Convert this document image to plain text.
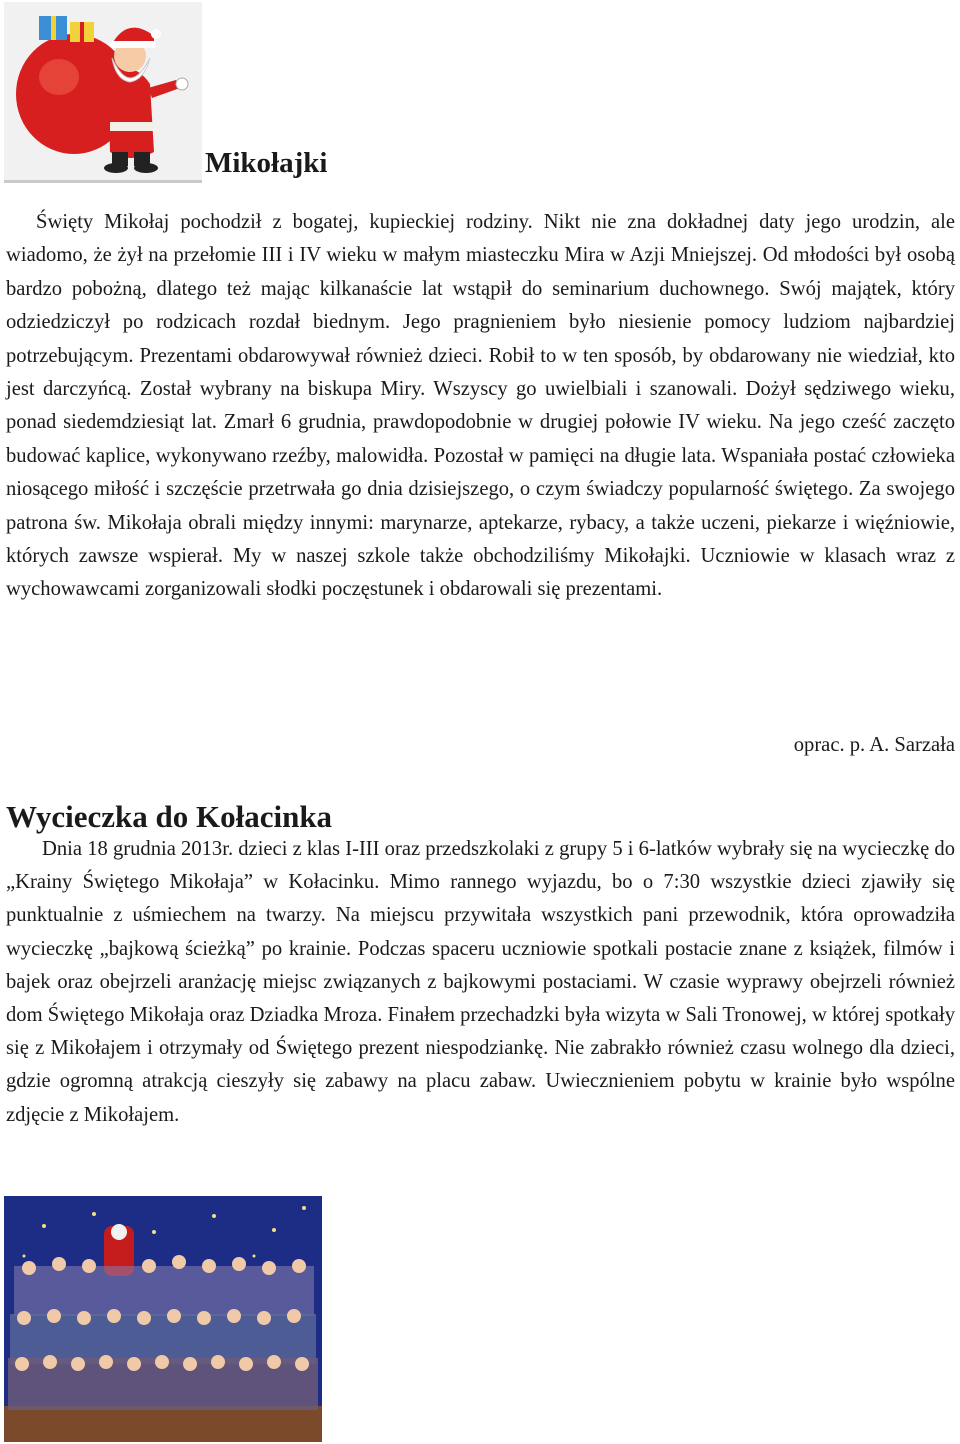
Mikołajki

Święty Mikołaj pochodził z bogatej, kupieckiej rodziny. Nikt nie zna dokładnej daty jego urodzin, ale wiadomo, że żył na przełomie III i IV wieku w małym miasteczku Mira w Azji Mniejszej. Od młodości był osobą bardzo pobożną, dlatego też mając kilkanaście lat wstąpił do seminarium duchownego. Swój majątek, który odziedziczył po rodzicach rozdał biednym. Jego pragnieniem było niesienie pomocy ludziom najbardziej potrzebującym. Prezentami obdarowywał również dzieci. Robił to w ten sposób, by obdarowany nie wiedział, kto jest darczyńcą. Został wybrany na biskupa Miry. Wszyscy go uwielbiali i szanowali. Dożył sędziwego wieku, ponad siedemdziesiąt lat. Zmarł 6 grudnia, prawdopodobnie w drugiej połowie IV wieku. Na jego cześć zaczęto budować kaplice, wykonywano rzeźby, malowidła. Pozostał w pamięci na długie lata. Wspaniała postać człowieka niosącego miłość i szczęście przetrwała go dnia dzisiejszego, o czym świadczy popularność świętego. Za swojego patrona św. Mikołaja obrali między innymi: marynarze, aptekarze, rybacy, a także uczeni, piekarze i więźniowie, których zawsze wspierał. My w naszej szkole także obchodziliśmy Mikołajki. Uczniowie w klasach wraz z wychowawcami zorganizowali słodki poczęstunek i obdarowali się prezentami.

oprac. p. A. Sarzała
Wycieczka do Kołacinka

Dnia 18 grudnia 2013r. dzieci z klas I-III oraz przedszkolaki z grupy 5 i 6-latków wybrały się na wycieczkę do „Krainy Świętego Mikołaja” w Kołacinku. Mimo rannego wyjazdu, bo o 7:30 wszystkie dzieci zjawiły się punktualnie z uśmiechem na twarzy. Na miejscu przywitała wszystkich pani przewodnik, która oprowadziła wycieczkę „bajkową ścieżką” po krainie. Podczas spaceru uczniowie spotkali postacie znane z książek, filmów i bajek oraz obejrzeli aranżację miejsc związanych z bajkowymi postaciami. W czasie wyprawy obejrzeli również dom Świętego Mikołaja oraz Dziadka Mroza. Finałem przechadzki była wizyta w Sali Tronowej, w której spotkały się z Mikołajem i otrzymały od Świętego prezent niespodziankę. Nie zabrakło również czasu wolnego dla dzieci, gdzie ogromną atrakcją cieszyły się zabawy na placu zabaw. Uwiecznieniem pobytu w krainie było wspólne zdjęcie z Mikołajem.
